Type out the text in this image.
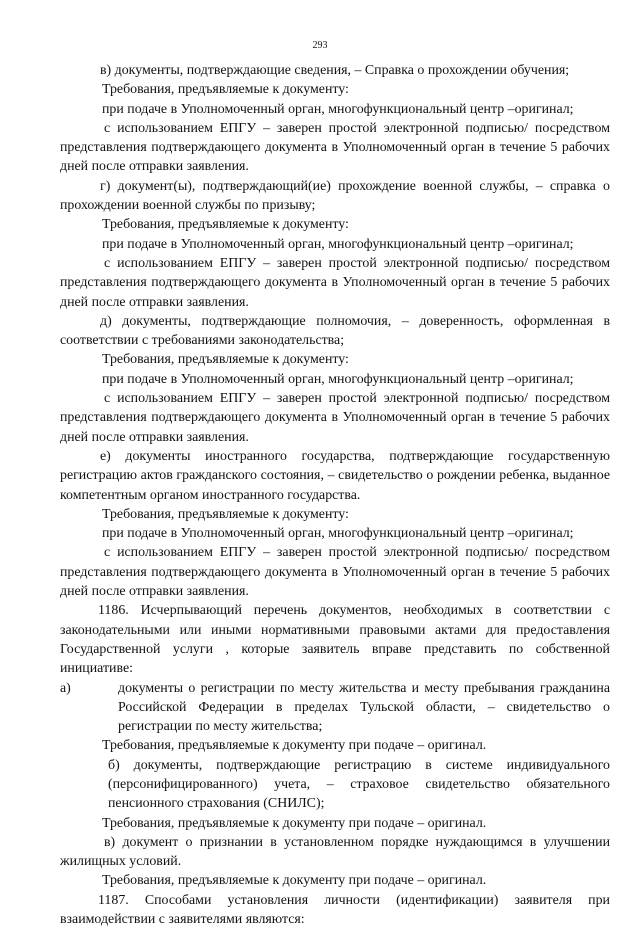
293

в) документы, подтверждающие сведения, – Справка о прохождении обучения;

Требования, предъявляемые к документу:

при подаче в Уполномоченный орган, многофункциональный центр –оригинал;

с использованием ЕПГУ – заверен простой электронной подписью/ посредством представления подтверждающего документа в Уполномоченный орган в течение 5 рабочих дней после отправки заявления.

г) документ(ы), подтверждающий(ие) прохождение военной службы, – справка о прохождении военной службы по призыву;

Требования, предъявляемые к документу:

при подаче в Уполномоченный орган, многофункциональный центр –оригинал;

с использованием ЕПГУ – заверен простой электронной подписью/ посредством представления подтверждающего документа в Уполномоченный орган в течение 5 рабочих дней после отправки заявления.

д) документы, подтверждающие полномочия, – доверенность, оформленная в соответствии с требованиями законодательства;

Требования, предъявляемые к документу:

при подаче в Уполномоченный орган, многофункциональный центр –оригинал;

с использованием ЕПГУ – заверен простой электронной подписью/ посредством представления подтверждающего документа в Уполномоченный орган в течение 5 рабочих дней после отправки заявления.

е) документы иностранного государства, подтверждающие государственную регистрацию актов гражданского состояния, – свидетельство о рождении ребенка, выданное компетентным органом иностранного государства.

Требования, предъявляемые к документу:

при подаче в Уполномоченный орган, многофункциональный центр –оригинал;

с использованием ЕПГУ – заверен простой электронной подписью/ посредством представления подтверждающего документа в Уполномоченный орган в течение 5 рабочих дней после отправки заявления.

1186. Исчерпывающий перечень документов, необходимых в соответствии с законодательными или иными нормативными правовыми актами для предоставления Государственной услуги , которые заявитель вправе представить по собственной инициативе:

а)	документы о регистрации по месту жительства и месту пребывания гражданина Российской Федерации в пределах Тульской области, – свидетельство о регистрации по месту жительства;

Требования, предъявляемые к документу при подаче – оригинал.

б) документы, подтверждающие регистрацию в системе индивидуального (персонифицированного) учета, – страховое свидетельство обязательного пенсионного страхования (СНИЛС);

Требования, предъявляемые к документу при подаче – оригинал.

в) документ о признании в установленном порядке нуждающимся в улучшении жилищных условий.

Требования, предъявляемые к документу при подаче – оригинал.

1187. Способами установления личности (идентификации) заявителя при взаимодействии с заявителями являются:
